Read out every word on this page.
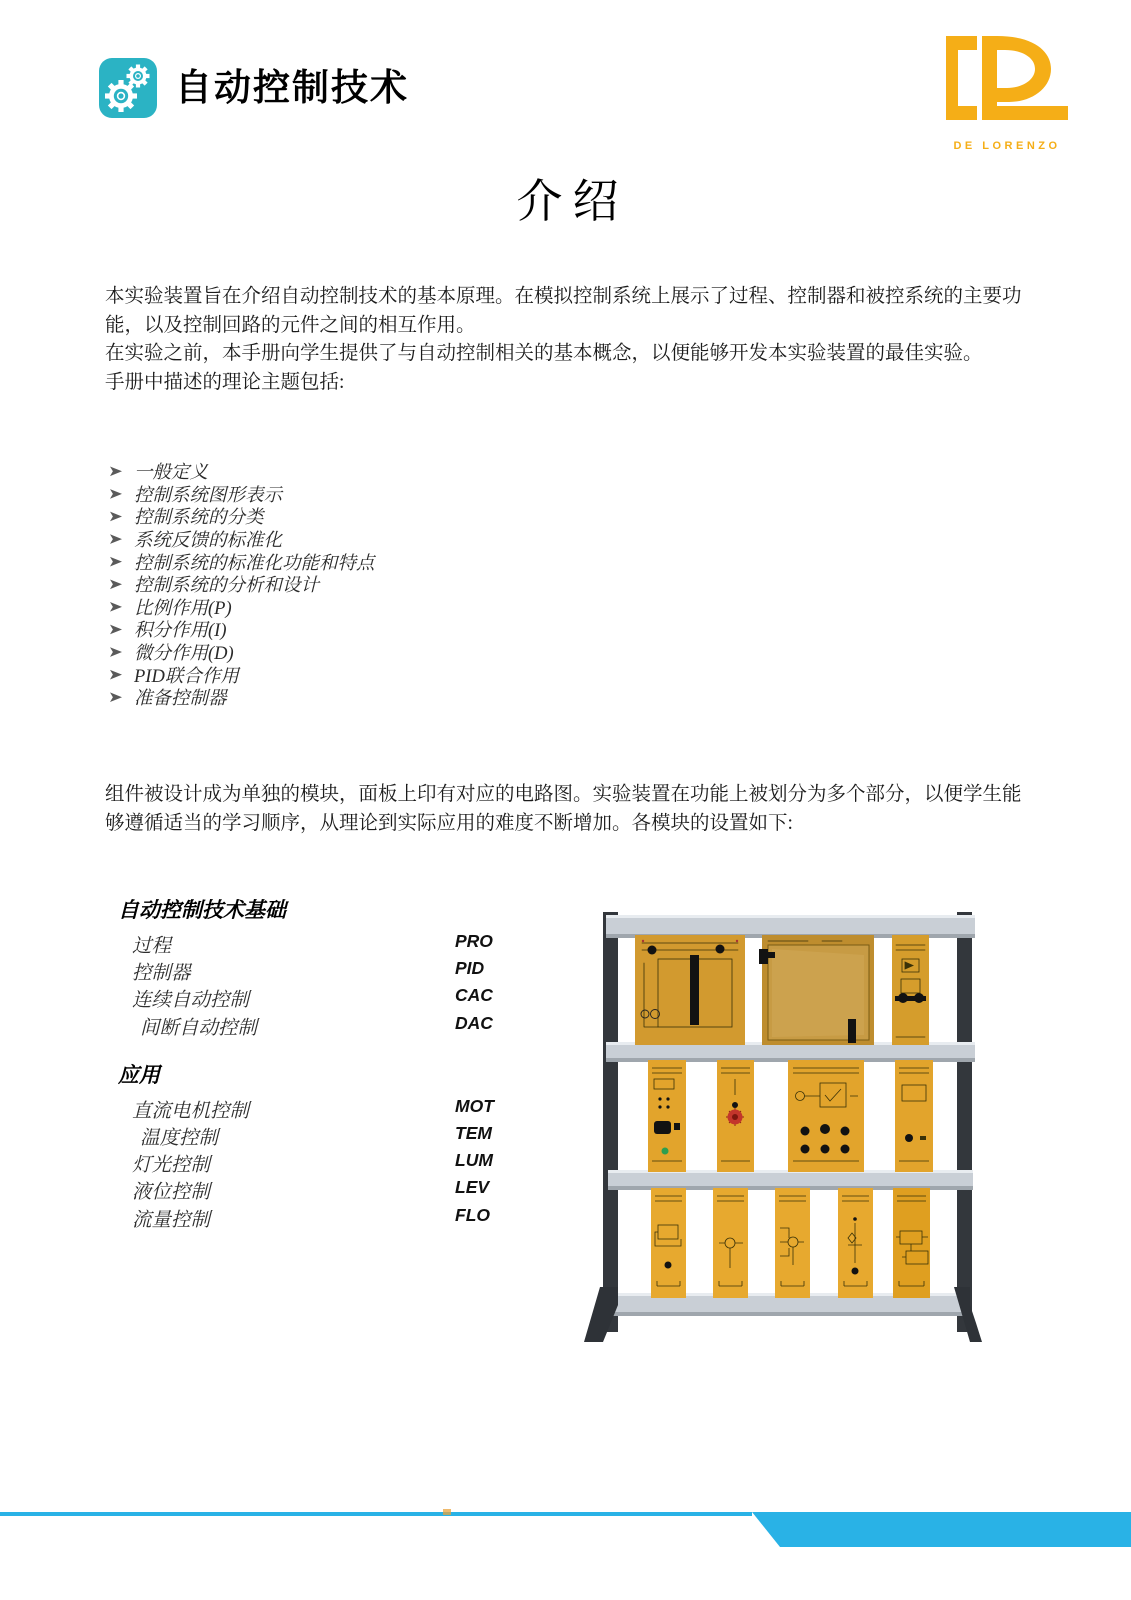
自动控制技术
DE LORENZO
介绍

本实验装置旨在介绍自动控制技术的基本原理。在模拟控制系统上展示了过程、控制器和被控系统的主要功能，以及控制回路的元件之间的相互作用。

在实验之前，本手册向学生提供了与自动控制相关的基本概念，以便能够开发本实验装置的最佳实验。

手册中描述的理论主题包括:

一般定义
控制系统图形表示
控制系统的分类
系统反馈的标准化
控制系统的标准化功能和特点
控制系统的分析和设计
比例作用(P)
积分作用(I)
微分作用(D)
PID联合作用
准备控制器

组件被设计成为单独的模块，面板上印有对应的电路图。实验装置在功能上被划分为多个部分，以便学生能够遵循适当的学习顺序，从理论到实际应用的难度不断增加。各模块的设置如下:

自动控制技术基础
过程	PRO
控制器	PID
连续自动控制	CAC
间断自动控制	DAC
应用
直流电机控制	MOT
温度控制	TEM
灯光控制	LUM
液位控制	LEV
流量控制	FLO
